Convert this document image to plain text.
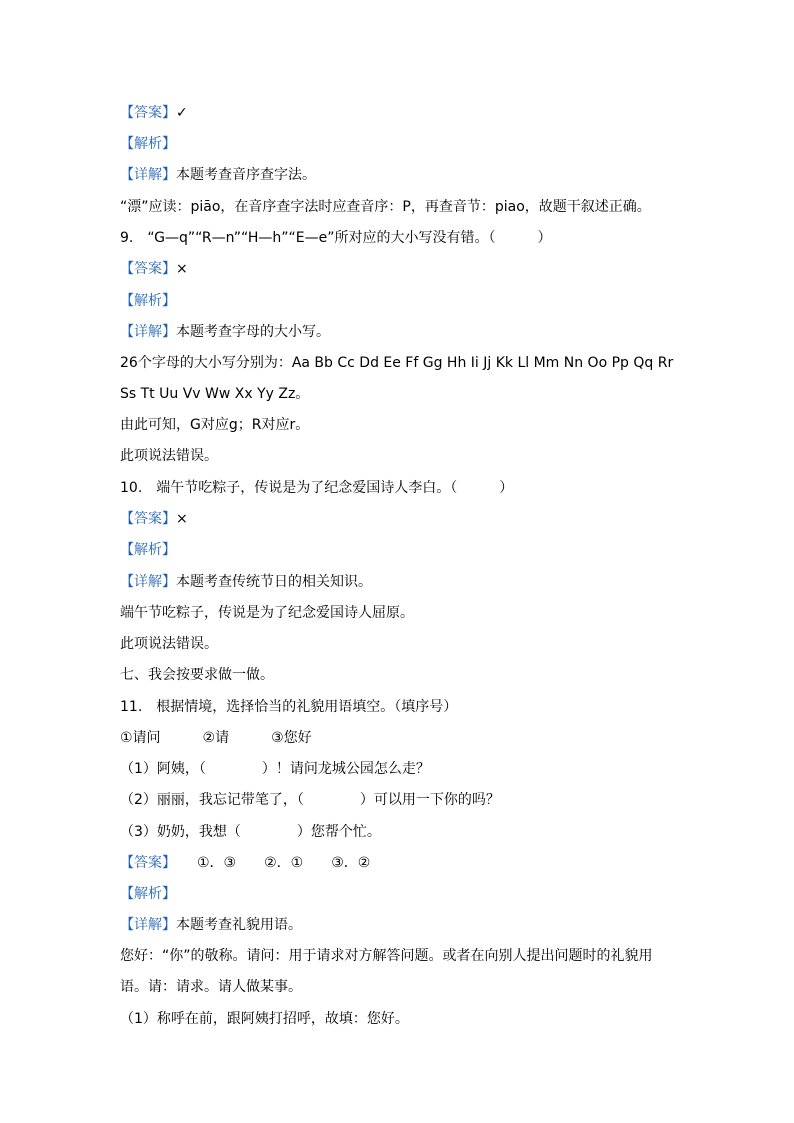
【答案】✓
【解析】
【详解】本题考查音序查字法。
“漂”应读：piāo，在音序查字法时应查音序：P，再查音节：piao，故题干叙述正确。
9.　“G—q”“R—n”“H—h”“E—e”所对应的大小写没有错。（　　　）
【答案】×
【解析】
【详解】本题考查字母的大小写。
26个字母的大小写分别为：Aa Bb Cc Dd Ee Ff Gg Hh Ii Jj Kk Ll Mm Nn Oo Pp Qq Rr
Ss Tt Uu Vv Ww Xx Yy Zz。
由此可知，G对应g；R对应r。
此项说法错误。
10.　端午节吃粽子，传说是为了纪念爱国诗人李白。（　　　）
【答案】×
【解析】
【详解】本题考查传统节日的相关知识。
端午节吃粽子，传说是为了纪念爱国诗人屈原。
此项说法错误。
七、我会按要求做一做。
11.　根据情境，选择恰当的礼貌用语填空。（填序号）
①请问　　　②请　　　③您好
（1）阿姨，（　　　　）！请问龙城公园怎么走？
（2）丽丽，我忘记带笔了，（　　　　）可以用一下你的吗？
（3）奶奶，我想（　　　　）您帮个忙。
【答案】　　①．③　　②．①　　③．②
【解析】
【详解】本题考查礼貌用语。
您好：“你”的敬称。请问：用于请求对方解答问题。或者在向别人提出问题时的礼貌用
语。请：请求。请人做某事。
（1）称呼在前，跟阿姨打招呼，故填：您好。
